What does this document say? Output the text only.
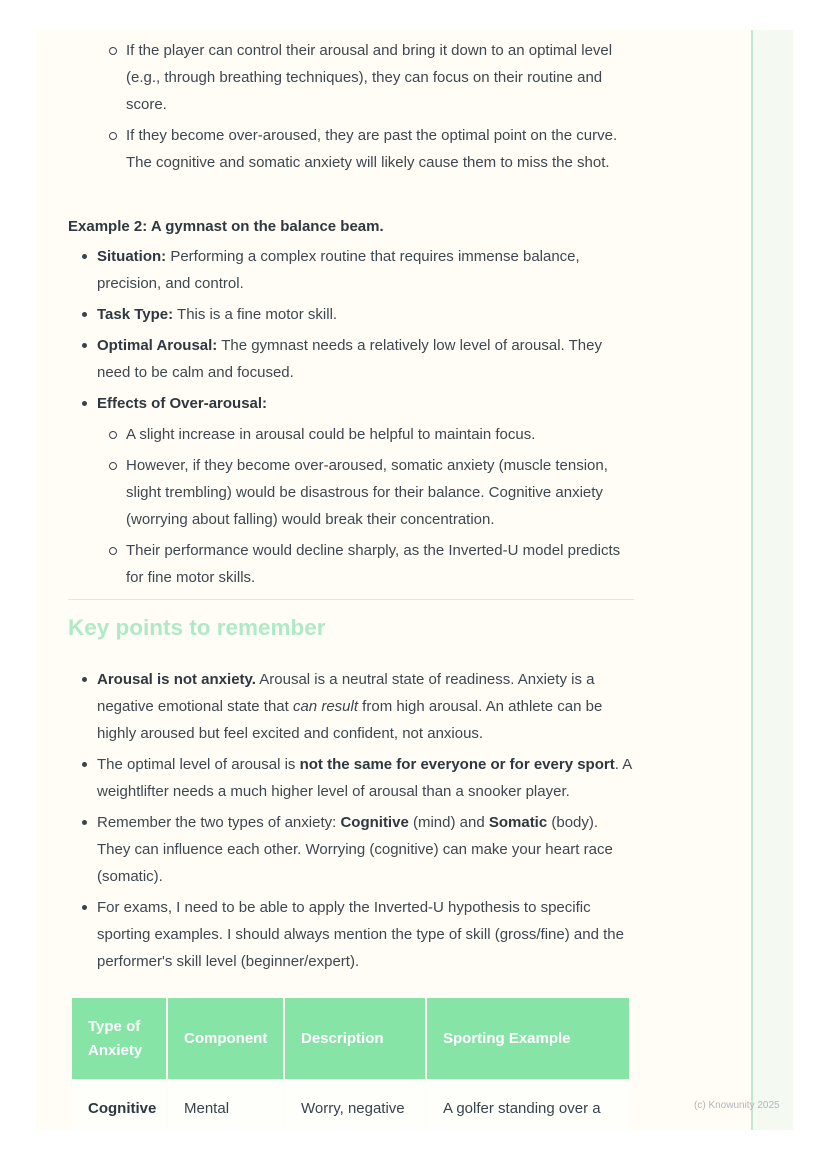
If the player can control their arousal and bring it down to an optimal level (e.g., through breathing techniques), they can focus on their routine and score.
If they become over-aroused, they are past the optimal point on the curve. The cognitive and somatic anxiety will likely cause them to miss the shot.
Example 2: A gymnast on the balance beam.
Situation: Performing a complex routine that requires immense balance, precision, and control.
Task Type: This is a fine motor skill.
Optimal Arousal: The gymnast needs a relatively low level of arousal. They need to be calm and focused.
Effects of Over-arousal:
A slight increase in arousal could be helpful to maintain focus.
However, if they become over-aroused, somatic anxiety (muscle tension, slight trembling) would be disastrous for their balance. Cognitive anxiety (worrying about falling) would break their concentration.
Their performance would decline sharply, as the Inverted-U model predicts for fine motor skills.
Key points to remember
Arousal is not anxiety. Arousal is a neutral state of readiness. Anxiety is a negative emotional state that can result from high arousal. An athlete can be highly aroused but feel excited and confident, not anxious.
The optimal level of arousal is not the same for everyone or for every sport. A weightlifter needs a much higher level of arousal than a snooker player.
Remember the two types of anxiety: Cognitive (mind) and Somatic (body). They can influence each other. Worrying (cognitive) can make your heart race (somatic).
For exams, I need to be able to apply the Inverted-U hypothesis to specific sporting examples. I should always mention the type of skill (gross/fine) and the performer's skill level (beginner/expert).
Type of Anxiety	Component	Description	Sporting Example
Cognitive	Mental	Worry, negative	A golfer standing over a	(c) Knowunity 2025
